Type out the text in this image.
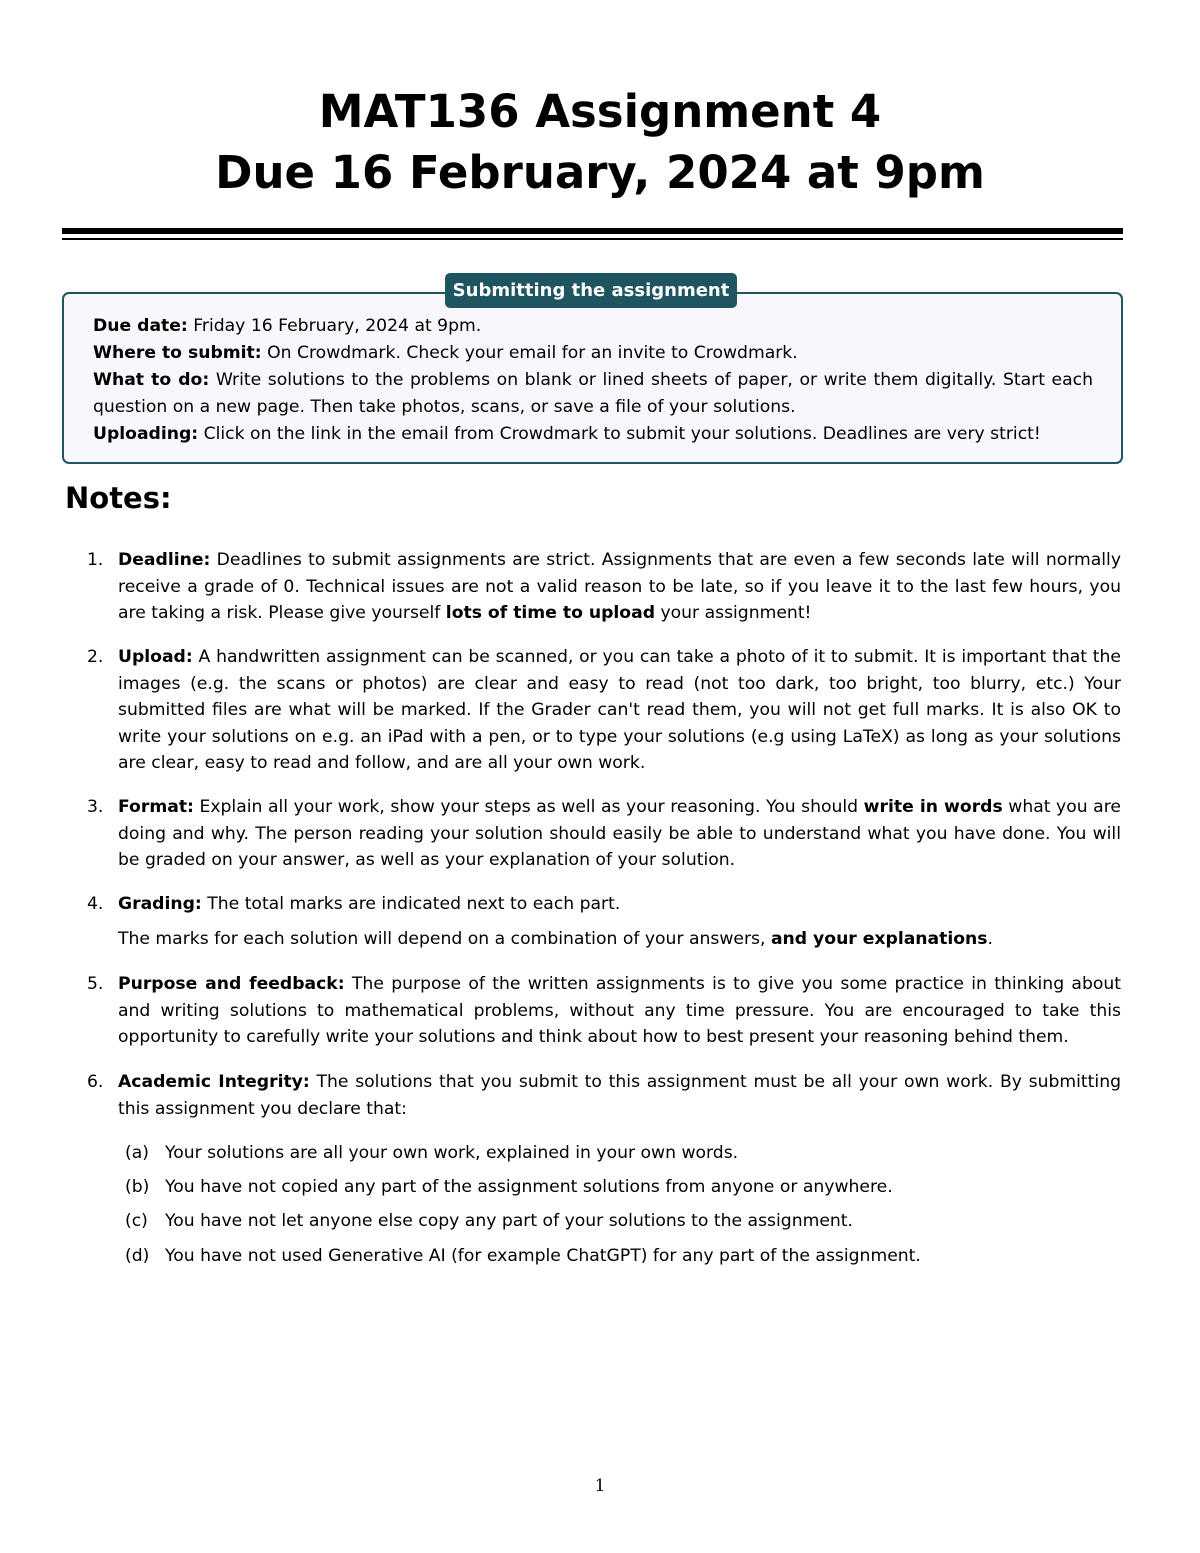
MAT136 Assignment 4
Due 16 February, 2024 at 9pm
Submitting the assignment

Due date: Friday 16 February, 2024 at 9pm.

Where to submit: On Crowdmark. Check your email for an invite to Crowdmark.

What to do: Write solutions to the problems on blank or lined sheets of paper, or write them digitally. Start each question on a new page. Then take photos, scans, or save a file of your solutions.

Uploading: Click on the link in the email from Crowdmark to submit your solutions. Deadlines are very strict!

Notes:
1. Deadline: Deadlines to submit assignments are strict. Assignments that are even a few seconds late will normally receive a grade of 0. Technical issues are not a valid reason to be late, so if you leave it to the last few hours, you are taking a risk. Please give yourself lots of time to upload your assignment!

2. Upload: A handwritten assignment can be scanned, or you can take a photo of it to submit. It is important that the images (e.g. the scans or photos) are clear and easy to read (not too dark, too bright, too blurry, etc.) Your submitted files are what will be marked. If the Grader can't read them, you will not get full marks. It is also OK to write your solutions on e.g. an iPad with a pen, or to type your solutions (e.g using LaTeX) as long as your solutions are clear, easy to read and follow, and are all your own work.

3. Format: Explain all your work, show your steps as well as your reasoning. You should write in words what you are doing and why. The person reading your solution should easily be able to understand what you have done. You will be graded on your answer, as well as your explanation of your solution.

4. Grading: The total marks are indicated next to each part.

The marks for each solution will depend on a combination of your answers, and your explanations.

5. Purpose and feedback: The purpose of the written assignments is to give you some practice in thinking about and writing solutions to mathematical problems, without any time pressure. You are encouraged to take this opportunity to carefully write your solutions and think about how to best present your reasoning behind them.

6. Academic Integrity: The solutions that you submit to this assignment must be all your own work. By submitting this assignment you declare that:

(a) Your solutions are all your own work, explained in your own words.
(b) You have not copied any part of the assignment solutions from anyone or anywhere.
(c) You have not let anyone else copy any part of your solutions to the assignment.
(d) You have not used Generative AI (for example ChatGPT) for any part of the assignment.
1
